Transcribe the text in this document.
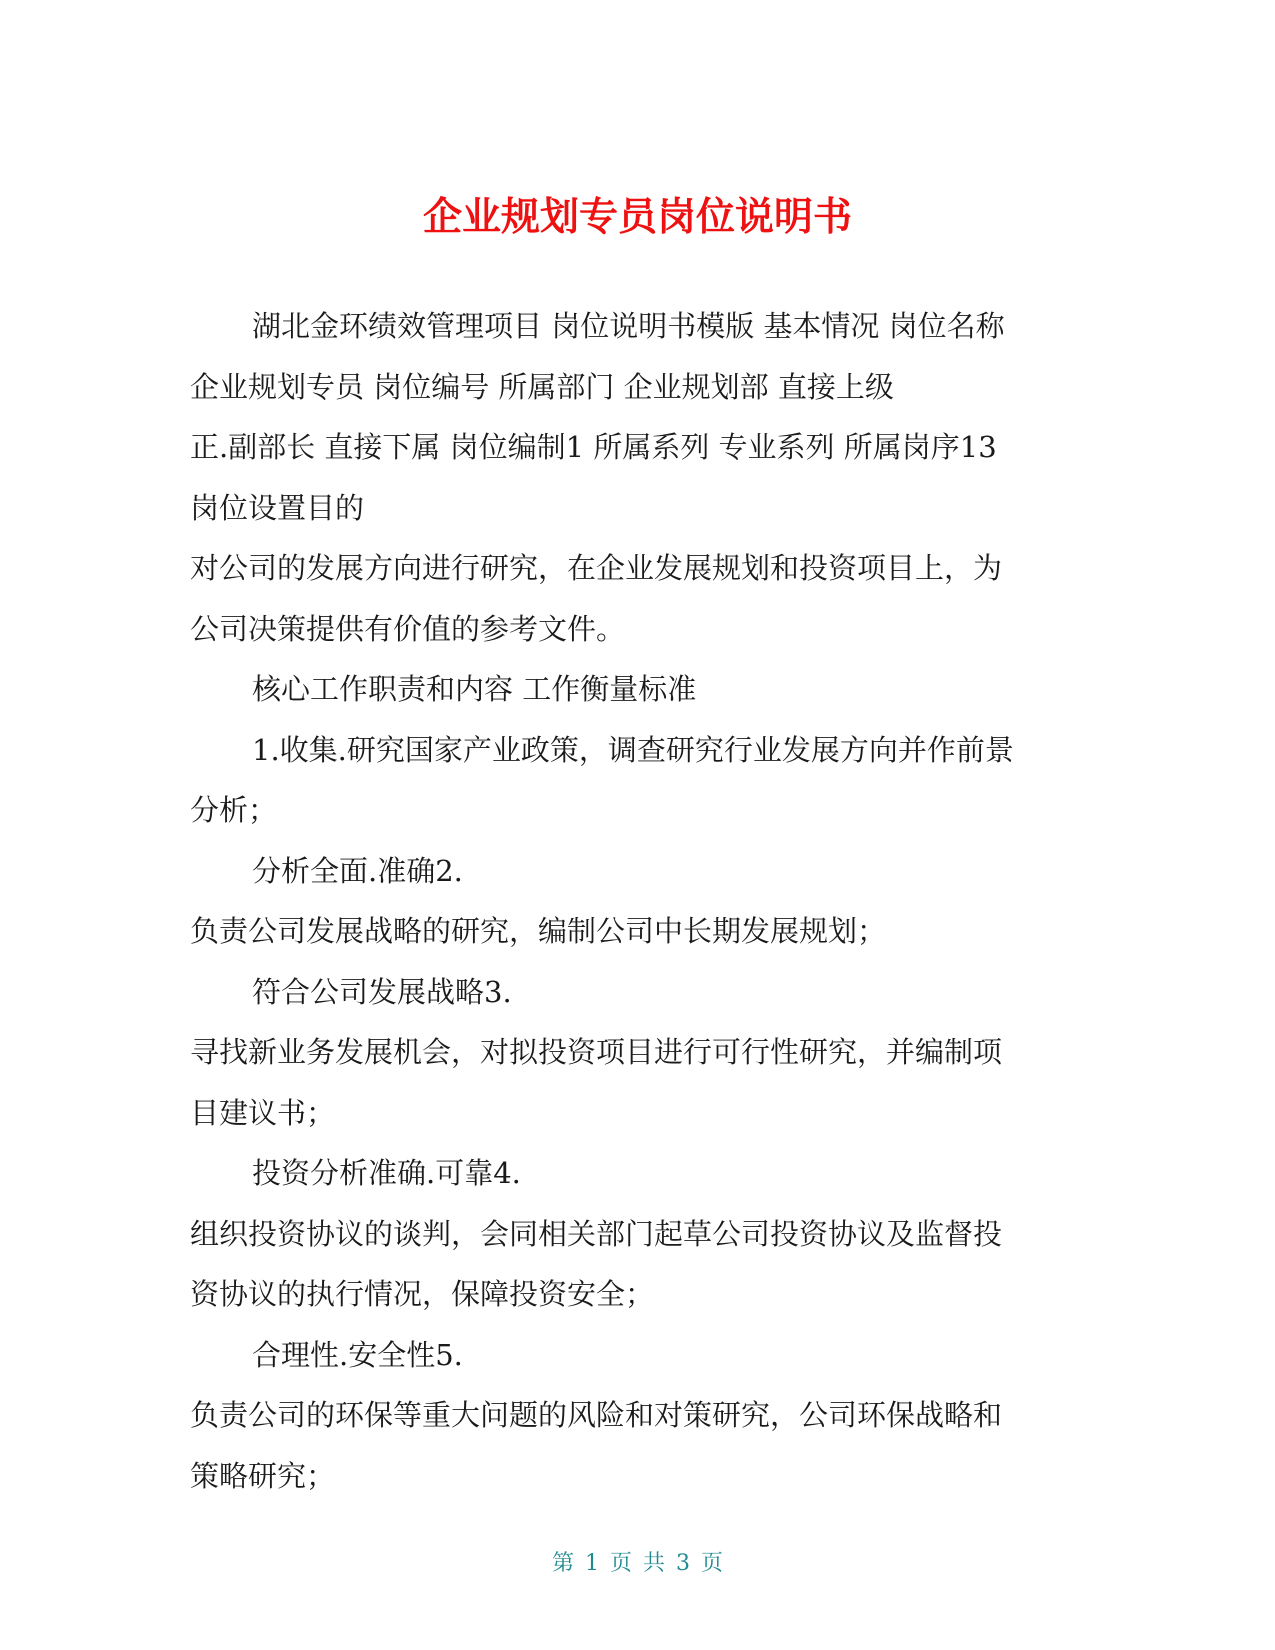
企业规划专员岗位说明书

湖北金环绩效管理项目 岗位说明书模版 基本情况 岗位名称

企业规划专员 岗位编号 所属部门 企业规划部 直接上级

正.副部长 直接下属 岗位编制1 所属系列 专业系列 所属岗序13

岗位设置目的

对公司的发展方向进行研究，在企业发展规划和投资项目上，为

公司决策提供有价值的参考文件。

核心工作职责和内容 工作衡量标准

1.收集.研究国家产业政策，调查研究行业发展方向并作前景

分析；

分析全面.准确2.

负责公司发展战略的研究，编制公司中长期发展规划；

符合公司发展战略3.

寻找新业务发展机会，对拟投资项目进行可行性研究，并编制项

目建议书；

投资分析准确.可靠4.

组织投资协议的谈判，会同相关部门起草公司投资协议及监督投

资协议的执行情况，保障投资安全；

合理性.安全性5.

负责公司的环保等重大问题的风险和对策研究，公司环保战略和

策略研究；

第 1 页 共 3 页
